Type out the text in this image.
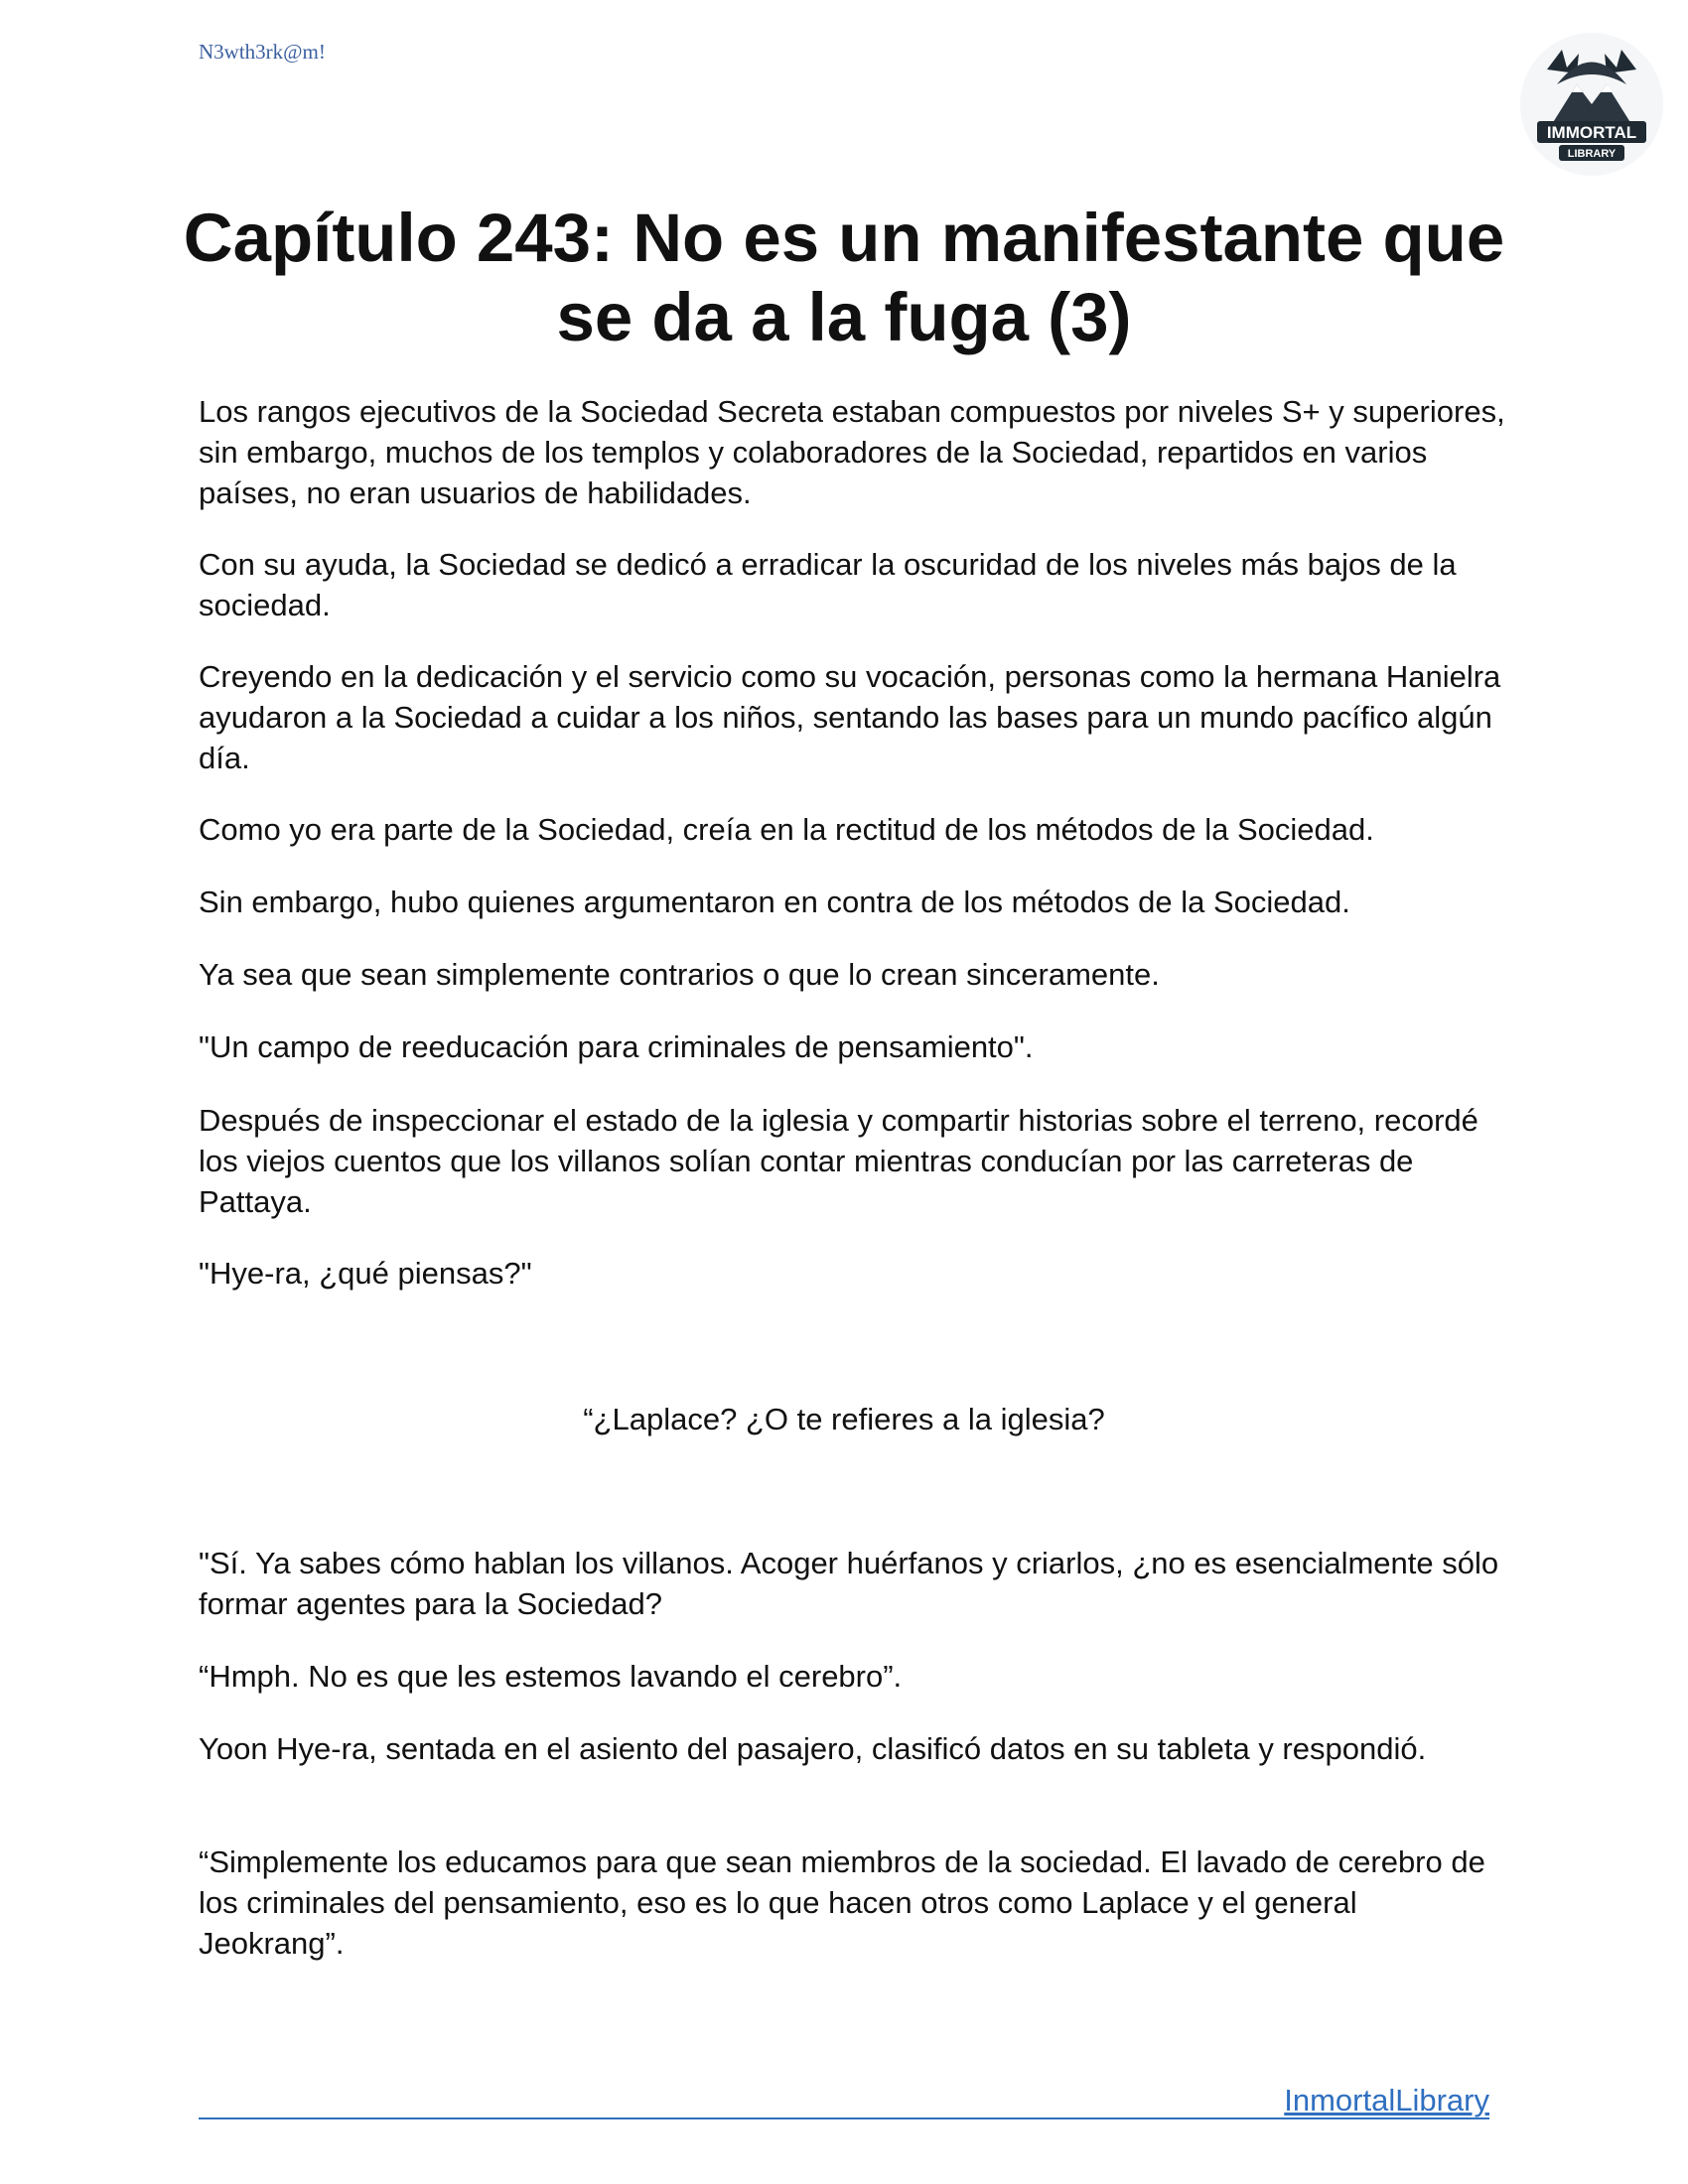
N3wth3rk@m!
IMMORTAL
LIBRARY
Capítulo 243: No es un manifestante que
se da a la fuga (3)

Los rangos ejecutivos de la Sociedad Secreta estaban compuestos por niveles S+ y superiores, sin embargo, muchos de los templos y colaboradores de la Sociedad, repartidos en varios países, no eran usuarios de habilidades.

Con su ayuda, la Sociedad se dedicó a erradicar la oscuridad de los niveles más bajos de la sociedad.

Creyendo en la dedicación y el servicio como su vocación, personas como la hermana Hanielra ayudaron a la Sociedad a cuidar a los niños, sentando las bases para un mundo pacífico algún día.

Como yo era parte de la Sociedad, creía en la rectitud de los métodos de la Sociedad.

Sin embargo, hubo quienes argumentaron en contra de los métodos de la Sociedad.

Ya sea que sean simplemente contrarios o que lo crean sinceramente.

"Un campo de reeducación para criminales de pensamiento".

Después de inspeccionar el estado de la iglesia y compartir historias sobre el terreno, recordé los viejos cuentos que los villanos solían contar mientras conducían por las carreteras de Pattaya.

"Hye-ra, ¿qué piensas?"

“¿Laplace? ¿O te refieres a la iglesia?

"Sí. Ya sabes cómo hablan los villanos. Acoger huérfanos y criarlos, ¿no es esencialmente sólo formar agentes para la Sociedad?

“Hmph. No es que les estemos lavando el cerebro”.

Yoon Hye-ra, sentada en el asiento del pasajero, clasificó datos en su tableta y respondió.

“Simplemente los educamos para que sean miembros de la sociedad. El lavado de cerebro de los criminales del pensamiento, eso es lo que hacen otros como Laplace y el general Jeokrang”.

InmortalLibrary
